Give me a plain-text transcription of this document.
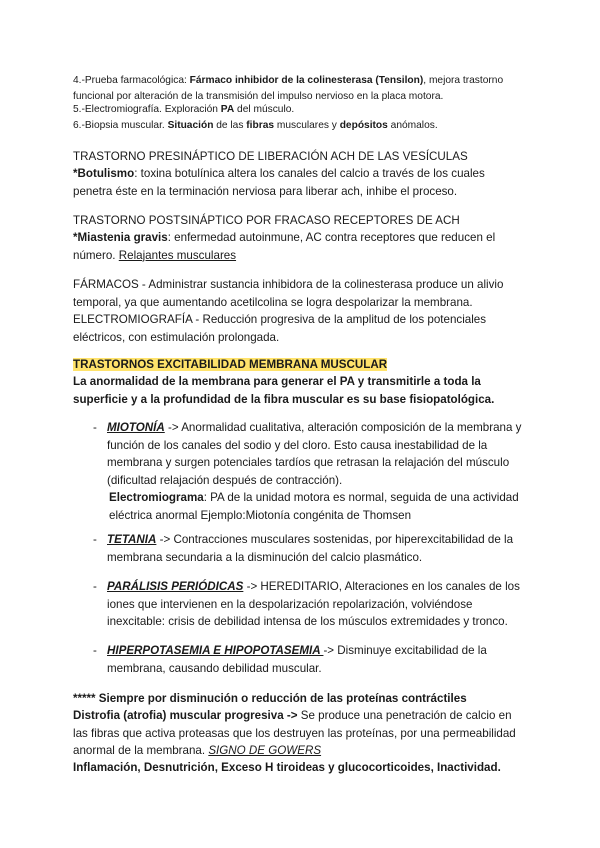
4.-Prueba farmacológica: Fármaco inhibidor de la colinesterasa (Tensilon), mejora trastorno funcional por alteración de la transmisión del impulso nervioso en la placa motora.

5.-Electromiografía. Exploración PA del músculo.

6.-Biopsia muscular. Situación de las fibras musculares y depósitos anómalos.

TRASTORNO PRESINÁPTICO DE LIBERACIÓN ACH DE LAS VESÍCULAS

*Botulismo: toxina botulínica altera los canales del calcio a través de los cuales penetra éste en la terminación nerviosa para liberar ach, inhibe el proceso.

TRASTORNO POSTSINÁPTICO POR FRACASO RECEPTORES DE ACH

*Miastenia gravis: enfermedad autoinmune, AC contra receptores que reducen el número. Relajantes musculares

FÁRMACOS - Administrar sustancia inhibidora de la colinesterasa produce un alivio temporal, ya que aumentando acetilcolina se logra despolarizar la membrana.

ELECTROMIOGRAFÍA - Reducción progresiva de la amplitud de los potenciales eléctricos, con estimulación prolongada.

TRASTORNOS EXCITABILIDAD MEMBRANA MUSCULAR

La anormalidad de la membrana para generar el PA y transmitirle a toda la superficie y a la profundidad de la fibra muscular es su base fisiopatológica.

- MIOTONÍA -> Anormalidad cualitativa, alteración composición de la membrana y función de los canales del sodio y del cloro. Esto causa inestabilidad de la membrana y surgen potenciales tardíos que retrasan la relajación del músculo (dificultad relajación después de contracción).

Electromiograma: PA de la unidad motora es normal, seguida de una actividad eléctrica anormal Ejemplo:Miotonía congénita de Thomsen

- TETANIA -> Contracciones musculares sostenidas, por hiperexcitabilidad de la membrana secundaria a la disminución del calcio plasmático.

- PARÁLISIS PERIÓDICAS -> HEREDITARIO, Alteraciones en los canales de los iones que intervienen en la despolarización repolarización, volviéndose inexcitable: crisis de debilidad intensa de los músculos extremidades y tronco.

- HIPERPOTASEMIA E HIPOPOTASEMIA -> Disminuye excitabilidad de la membrana, causando debilidad muscular.

***** Siempre por disminución o reducción de las proteínas contráctiles

Distrofia (atrofia) muscular progresiva -> Se produce una penetración de calcio en las fibras que activa proteasas que los destruyen las proteínas, por una permeabilidad anormal de la membrana. SIGNO DE GOWERS

Inflamación, Desnutrición, Exceso H tiroideas y glucocorticoides, Inactividad.
